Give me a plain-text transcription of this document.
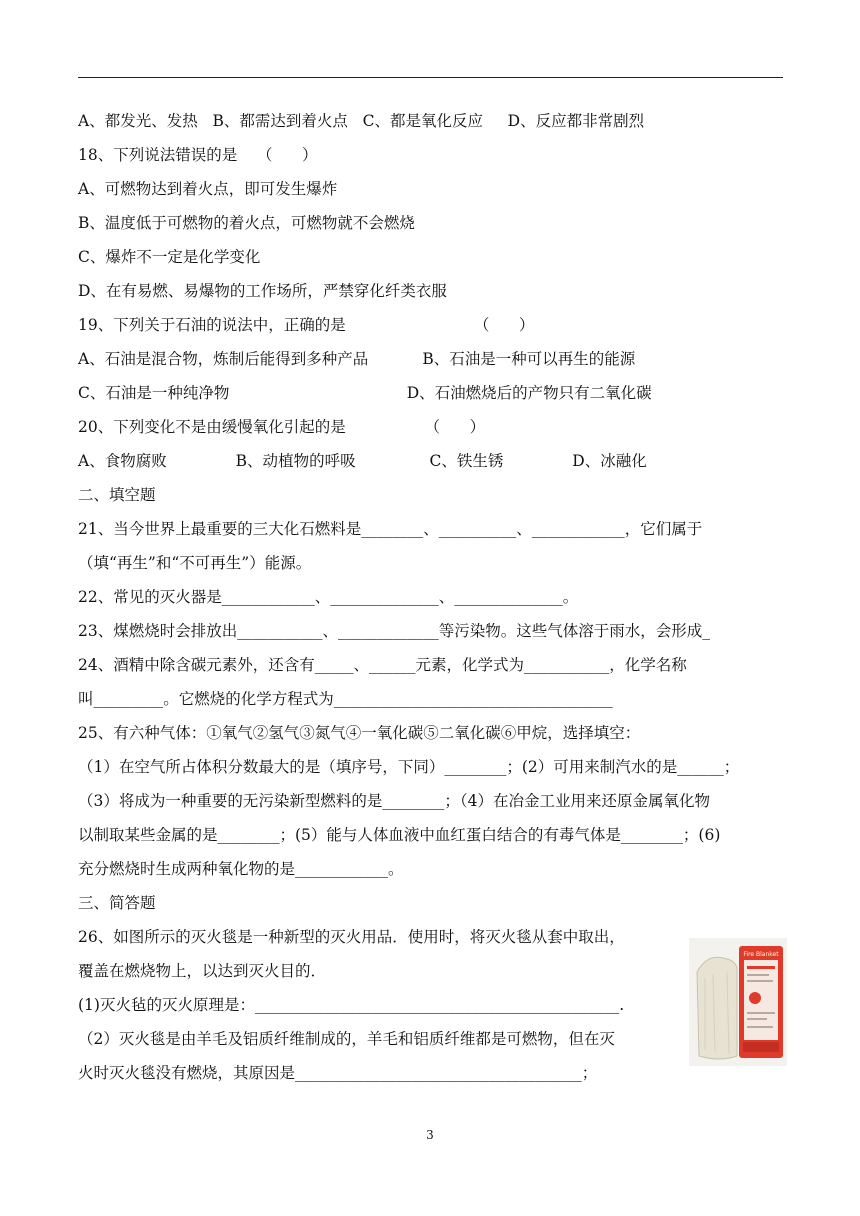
A、都发光、发热   B、都需达到着火点   C、都是氧化反应     D、反应都非常剧烈
18、下列说法错误的是    （      ）
A、可燃物达到着火点，即可发生爆炸
B、温度低于可燃物的着火点，可燃物就不会燃烧
C、爆炸不一定是化学变化
D、在有易燃、易爆物的工作场所，严禁穿化纤类衣服
19、下列关于石油的说法中，正确的是                          （      ）
A、石油是混合物，炼制后能得到多种产品           B、石油是一种可以再生的能源
C、石油是一种纯净物                                    D、石油燃烧后的产物只有二氧化碳
20、下列变化不是由缓慢氧化引起的是                （      ）
A、食物腐败              B、动植物的呼吸               C、铁生锈              D、冰融化
二、填空题
21、当今世界上最重要的三大化石燃料是________、__________、____________，它们属于
（填“再生”和“不可再生”）能源。
22、常见的灭火器是____________、______________、______________。
23、煤燃烧时会排放出___________、_____________等污染物。这些气体溶于雨水，会形成_
24、酒精中除含碳元素外，还含有_____、______元素，化学式为___________，化学名称
叫_________。它燃烧的化学方程式为____________________________________
25、有六种气体：①氧气②氢气③氮气④一氧化碳⑤二氧化碳⑥甲烷，选择填空：
（1）在空气所占体积分数最大的是（填序号，下同）________；(2）可用来制汽水的是______；
（3）将成为一种重要的无污染新型燃料的是________；（4）在冶金工业用来还原金属氧化物
以制取某些金属的是________；(5）能与人体血液中血红蛋白结合的有毒气体是________；(6)
充分燃烧时生成两种氧化物的是____________。
三、简答题
26、如图所示的灭火毯是一种新型的灭火用品．使用时，将灭火毯从套中取出，
覆盖在燃烧物上，以达到灭火目的．
(1)灭火毡的灭火原理是：_______________________________________________.
（2）灭火毯是由羊毛及铝质纤维制成的，羊毛和铝质纤维都是可燃物，但在灭
火时灭火毯没有燃烧，其原因是_____________________________________；
Fire Blanket
3
